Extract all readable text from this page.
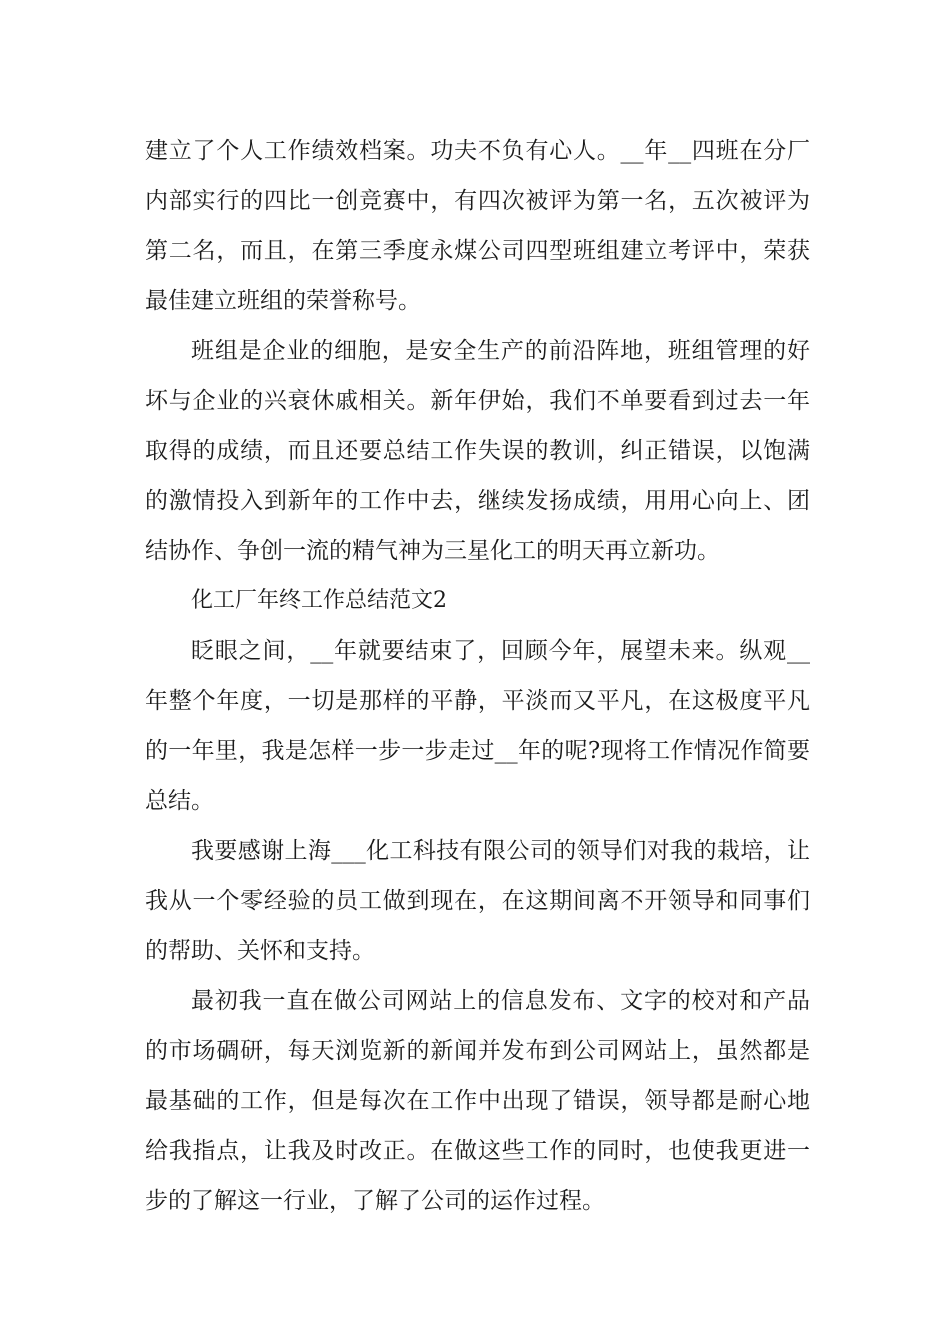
建立了个人工作绩效档案。功夫不负有心人。__年__四班在分厂内部实行的四比一创竞赛中，有四次被评为第一名，五次被评为第二名，而且，在第三季度永煤公司四型班组建立考评中，荣获最佳建立班组的荣誉称号。

班组是企业的细胞，是安全生产的前沿阵地，班组管理的好坏与企业的兴衰休戚相关。新年伊始，我们不单要看到过去一年取得的成绩，而且还要总结工作失误的教训，纠正错误，以饱满的激情投入到新年的工作中去，继续发扬成绩，用用心向上、团结协作、争创一流的精气神为三星化工的明天再立新功。

化工厂年终工作总结范文2

眨眼之间，__年就要结束了，回顾今年，展望未来。纵观__年整个年度，一切是那样的平静，平淡而又平凡，在这极度平凡的一年里，我是怎样一步一步走过__年的呢?现将工作情况作简要总结。

我要感谢上海___化工科技有限公司的领导们对我的栽培，让我从一个零经验的员工做到现在，在这期间离不开领导和同事们的帮助、关怀和支持。

最初我一直在做公司网站上的信息发布、文字的校对和产品的市场碉研，每天浏览新的新闻并发布到公司网站上，虽然都是最基础的工作，但是每次在工作中出现了错误，领导都是耐心地给我指点，让我及时改正。在做这些工作的同时，也使我更进一步的了解这一行业，了解了公司的运作过程。
